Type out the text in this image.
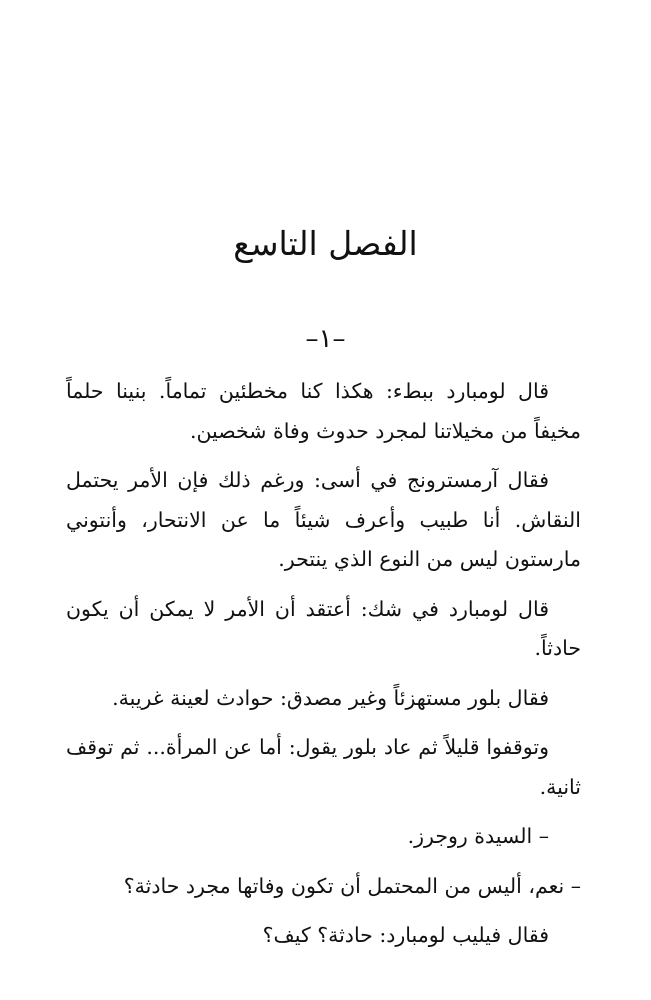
الفصل التاسع
–١–

قال لومبارد ببطء: هكذا كنا مخطئين تماماً. بنينا حلماً مخيفاً من مخيلاتنا لمجرد حدوث وفاة شخصين.

فقال آرمسترونج في أسى: ورغم ذلك فإن الأمر يحتمل النقاش. أنا طبيب وأعرف شيئاً ما عن الانتحار، وأنتوني مارستون ليس من النوع الذي ينتحر.

قال لومبارد في شك: أعتقد أن الأمر لا يمكن أن يكون حادثاً.

فقال بلور مستهزئاً وغير مصدق: حوادث لعينة غريبة.

وتوقفوا قليلاً ثم عاد بلور يقول: أما عن المرأة... ثم توقف ثانية.

– السيدة روجرز.

– نعم، أليس من المحتمل أن تكون وفاتها مجرد حادثة؟

فقال فيليب لومبارد: حادثة؟ كيف؟
